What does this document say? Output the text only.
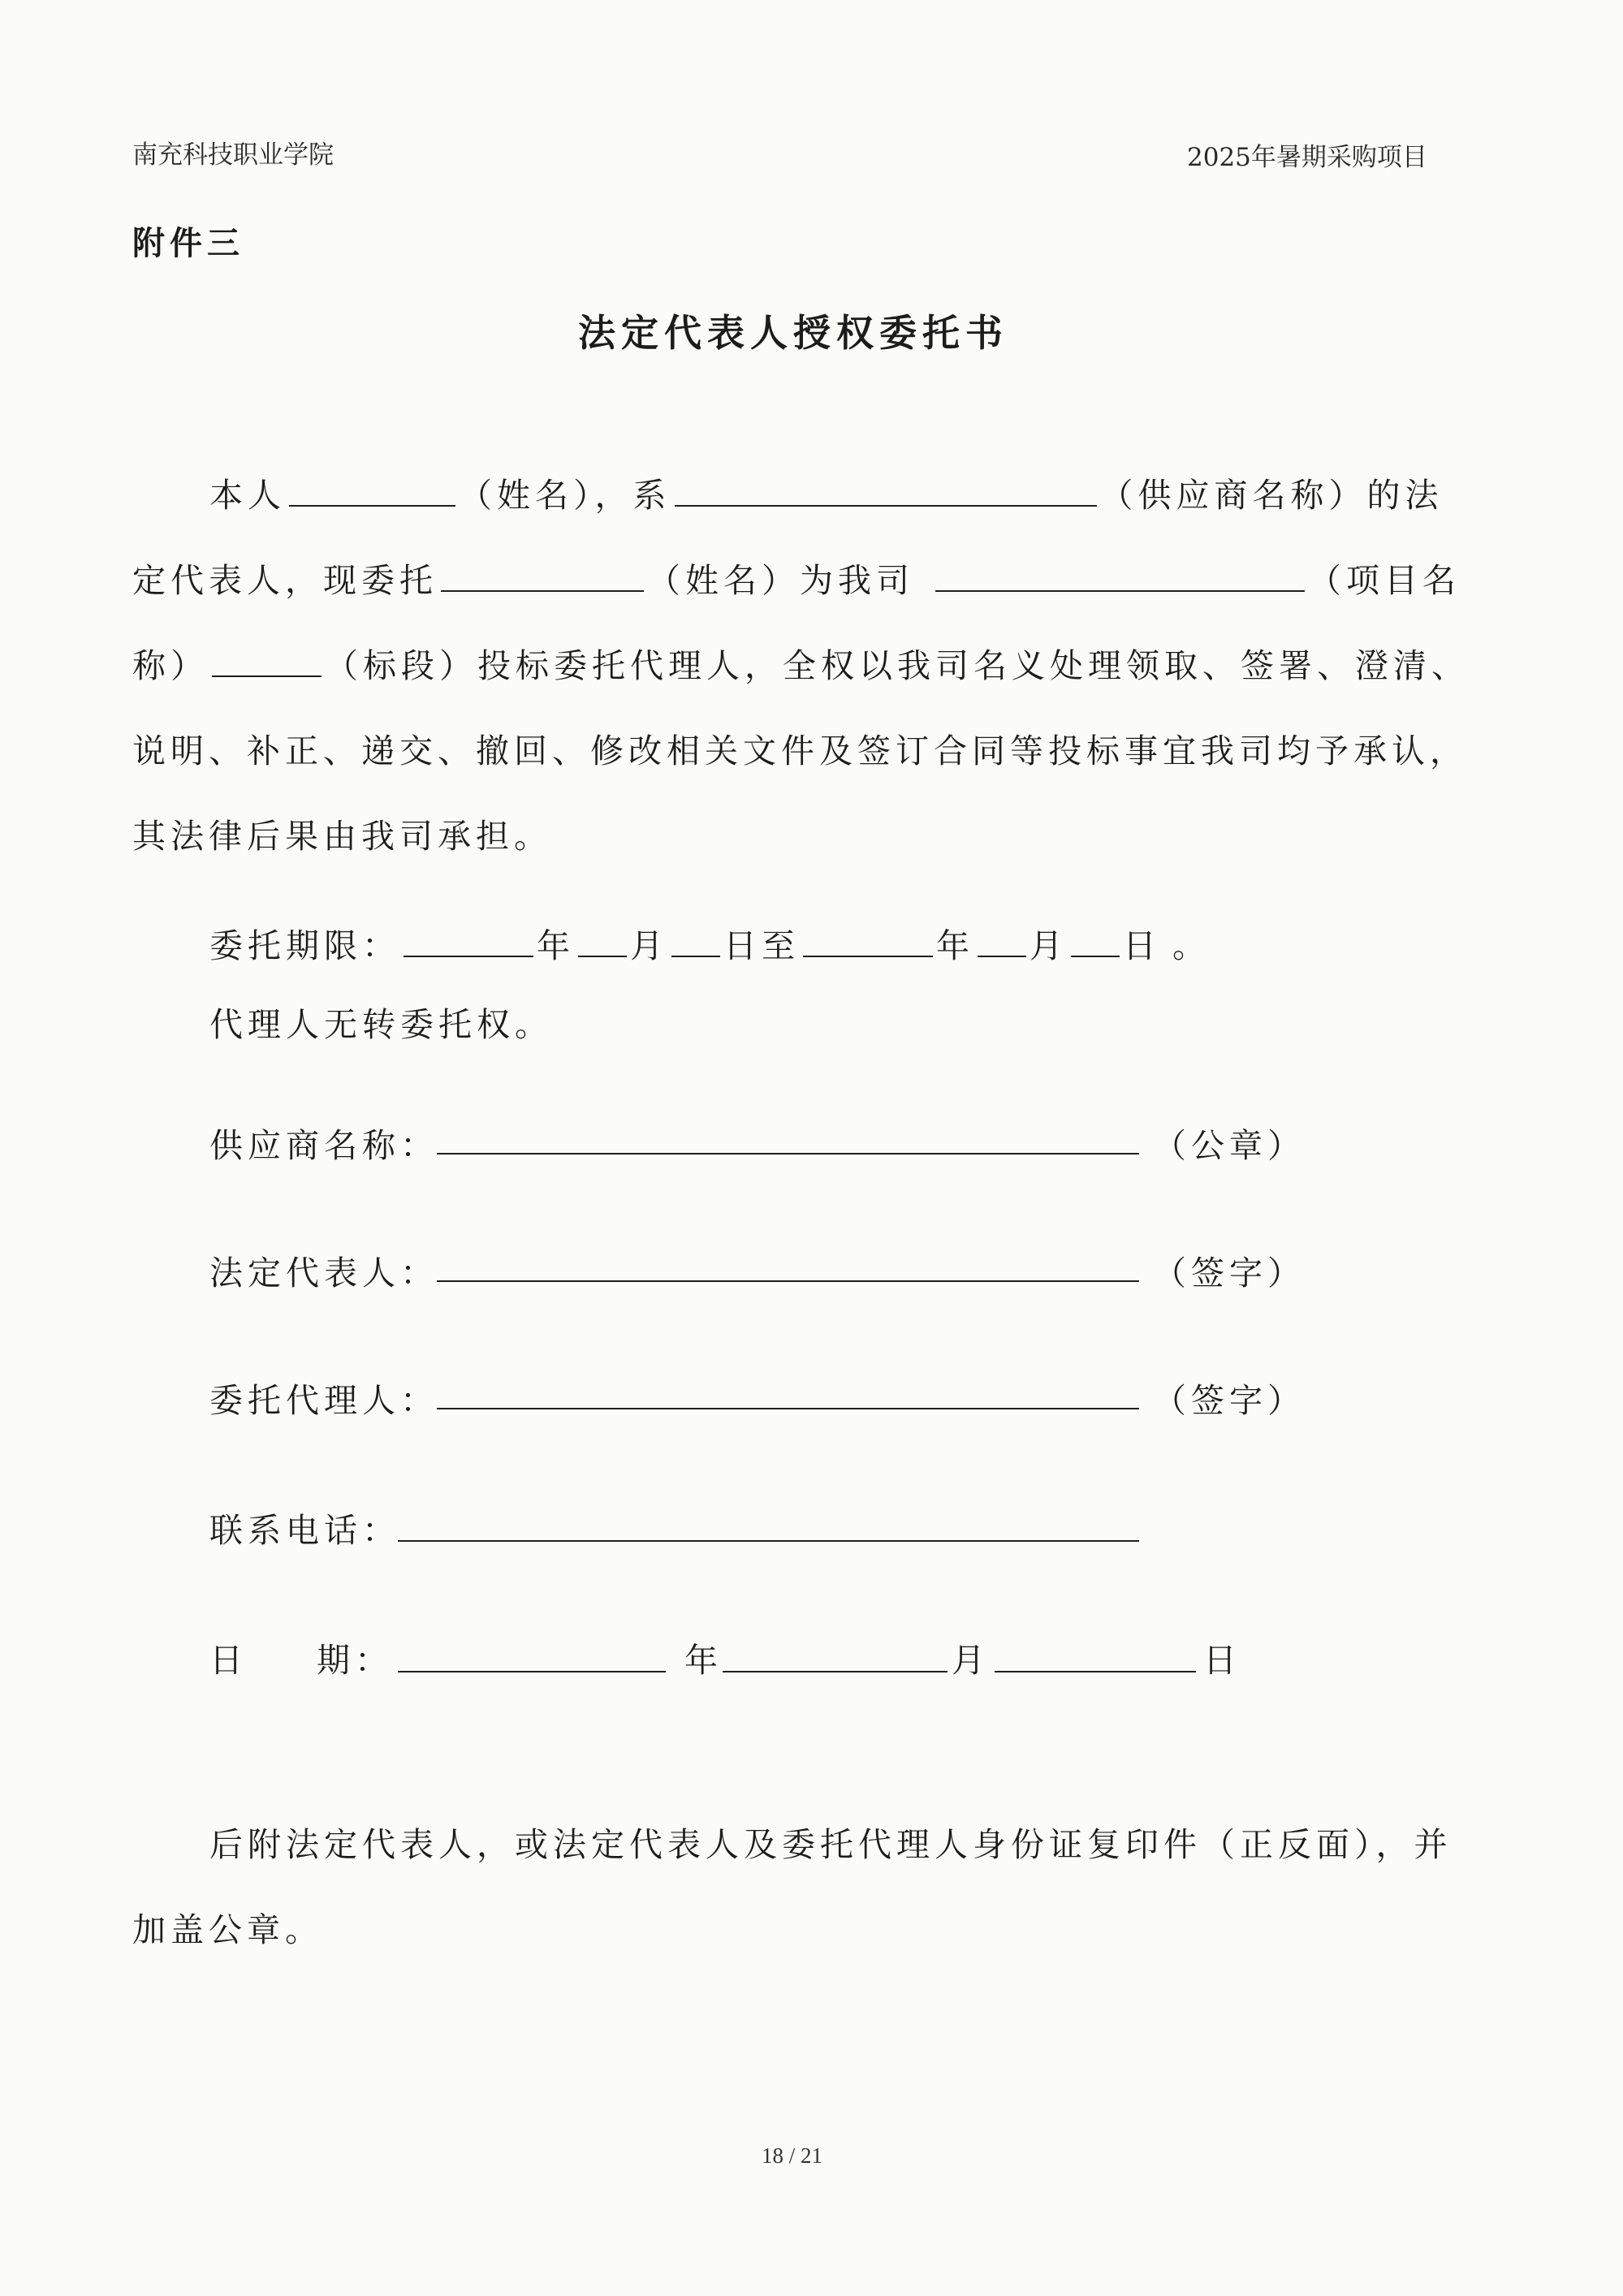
南充科技职业学院	2025年暑期采购项目
附件三
法定代表人授权委托书
本人	（姓名），系	（供应商名称）的法
定代表人，现委托	（姓名）为我司	（项目名
称）	（标段）投标委托代理人，全权以我司名义处理领取、签署、澄清、
说明、补正、递交、撤回、修改相关文件及签订合同等投标事宜我司均予承认，
其法律后果由我司承担。
委托期限：	年 月 日至	年 月 日 。
代理人无转委托权。
供应商名称：	（公章）
法定代表人：	（签字）
委托代理人：	（签字）
联系电话：
日 期：	年	月	日
后附法定代表人，或法定代表人及委托代理人身份证复印件（正反面），并
加盖公章。
18 / 21
